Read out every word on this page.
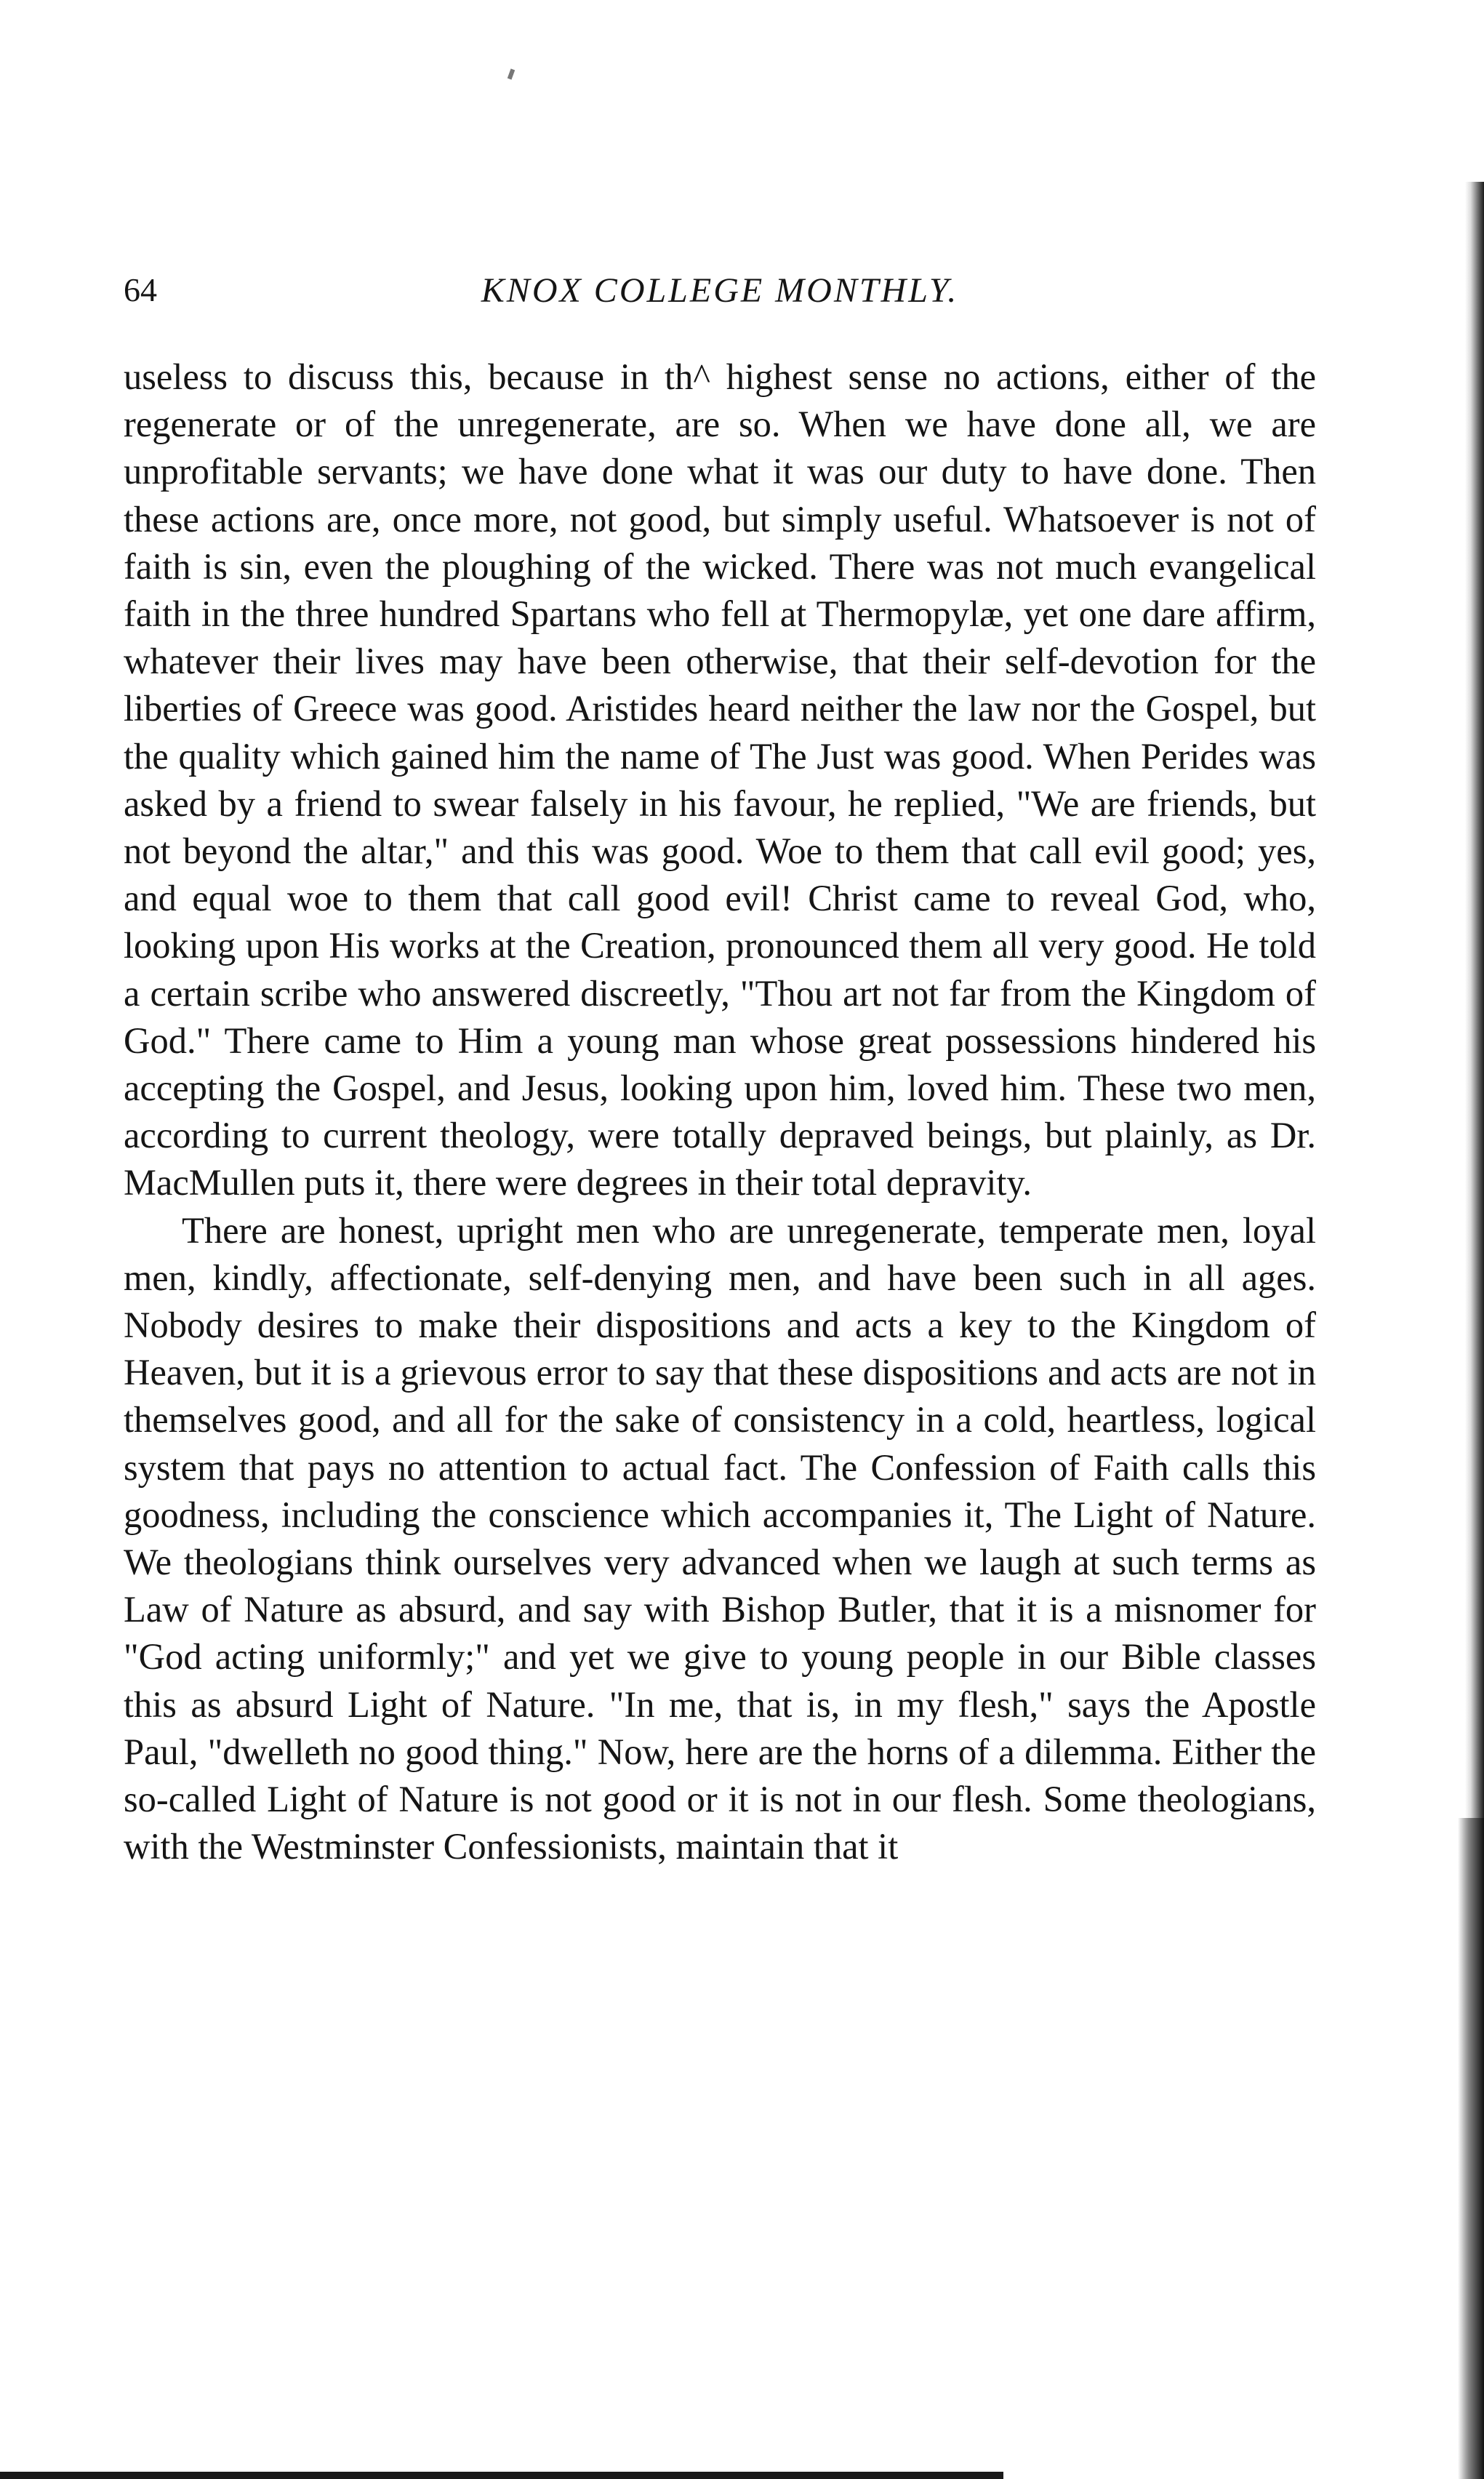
64	KNOX COLLEGE MONTHLY.

useless to discuss this, because in th^ highest sense no actions, either of the regenerate or of the unregenerate, are so. When we have done all, we are unprofitable servants; we have done what it was our duty to have done. Then these actions are, once more, not good, but simply useful. Whatsoever is not of faith is sin, even the ploughing of the wicked. There was not much evangelical faith in the three hundred Spartans who fell at Thermopylæ, yet one dare affirm, whatever their lives may have been otherwise, that their self-devotion for the liberties of Greece was good. Aristides heard neither the law nor the Gospel, but the quality which gained him the name of The Just was good. When Perides was asked by a friend to swear falsely in his favour, he replied, "We are friends, but not beyond the altar," and this was good. Woe to them that call evil good; yes, and equal woe to them that call good evil! Christ came to reveal God, who, looking upon His works at the Creation, pronounced them all very good. He told a certain scribe who answered discreetly, "Thou art not far from the Kingdom of God." There came to Him a young man whose great possessions hindered his accepting the Gospel, and Jesus, looking upon him, loved him. These two men, according to current theology, were totally depraved beings, but plainly, as Dr. MacMullen puts it, there were degrees in their total depravity.

There are honest, upright men who are unregenerate, temperate men, loyal men, kindly, affectionate, self-denying men, and have been such in all ages. Nobody desires to make their dispositions and acts a key to the Kingdom of Heaven, but it is a grievous error to say that these dispositions and acts are not in themselves good, and all for the sake of consistency in a cold, heartless, logical system that pays no attention to actual fact. The Confession of Faith calls this goodness, including the conscience which accompanies it, The Light of Nature. We theologians think ourselves very advanced when we laugh at such terms as Law of Nature as absurd, and say with Bishop Butler, that it is a misnomer for "God acting uniformly;" and yet we give to young people in our Bible classes this as absurd Light of Nature. "In me, that is, in my flesh," says the Apostle Paul, "dwelleth no good thing." Now, here are the horns of a dilemma. Either the so-called Light of Nature is not good or it is not in our flesh. Some theologians, with the Westminster Confessionists, maintain that it
